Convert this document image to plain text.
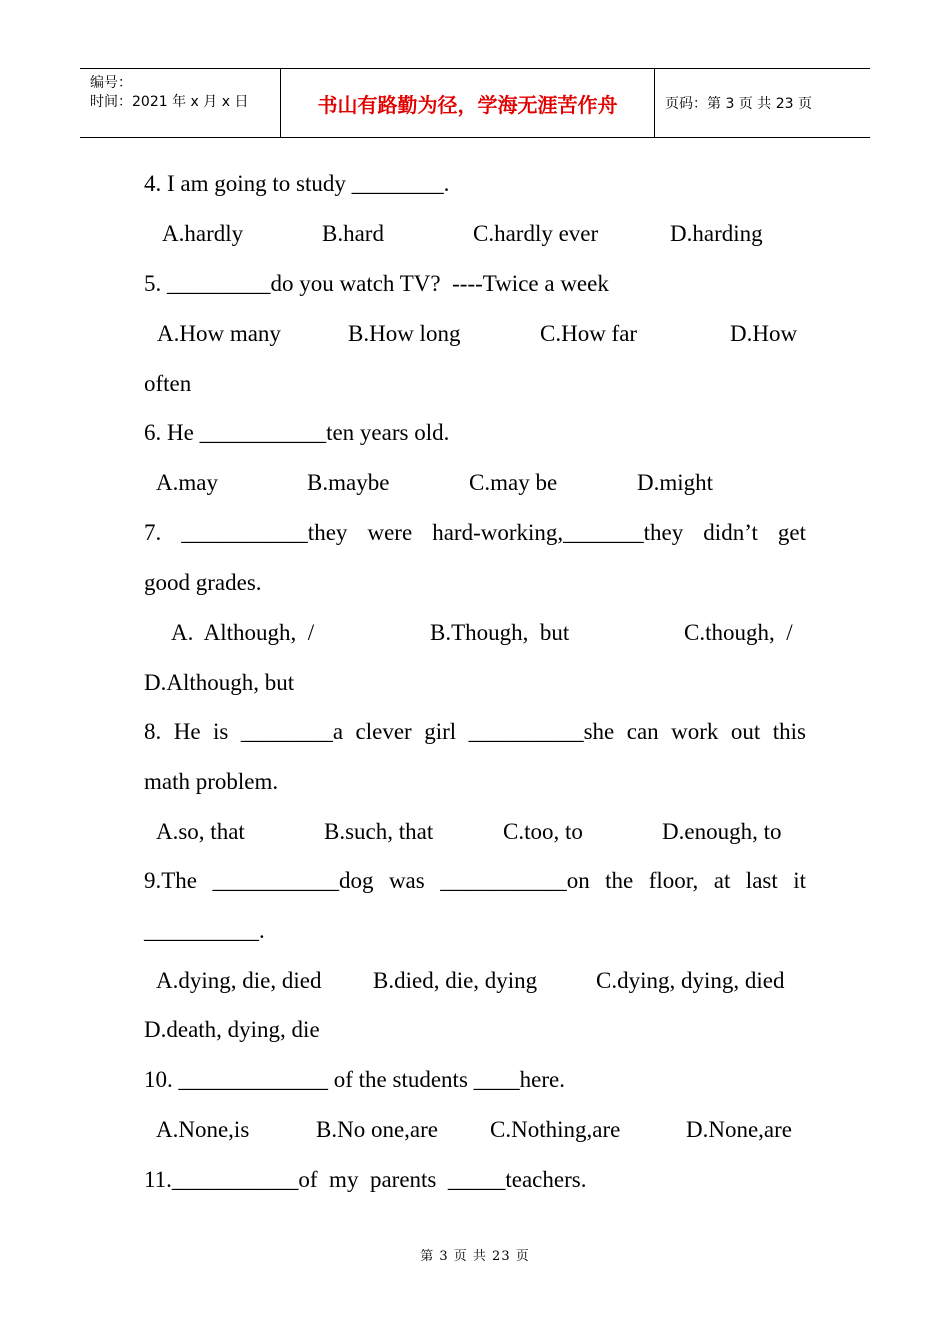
编号：
时间：2021 年 x 月 x 日	书山有路勤为径，学海无涯苦作舟	页码：第 3 页 共 23 页
4. I am going to study ________.
A.hardly	B.hard	C.hardly ever	D.harding
5. _________do you watch TV?  ----Twice a week
A.How many	B.How long	C.How far	D.How
often
6. He ___________ten years old.
A.may	B.maybe	C.may be	D.might
7. ___________they were hard-working,_______they didn’t get
good grades.
A.  Although,  /	B.Though,  but	C.though,  /
D.Although, but
8. He is ________a clever girl __________she can work out this
math problem.
A.so, that	B.such, that	C.too, to	D.enough, to
9.The ___________dog was ___________on the floor, at last it
__________.
A.dying, die, died B.died, die, dying	C.dying, dying, died
D.death, dying, die
10. _____________ of the students ____here.
A.None,is	B.No one,are C.Nothing,are	D.None,are
11.___________of  my  parents  _____teachers.
第 3 页 共 23 页
